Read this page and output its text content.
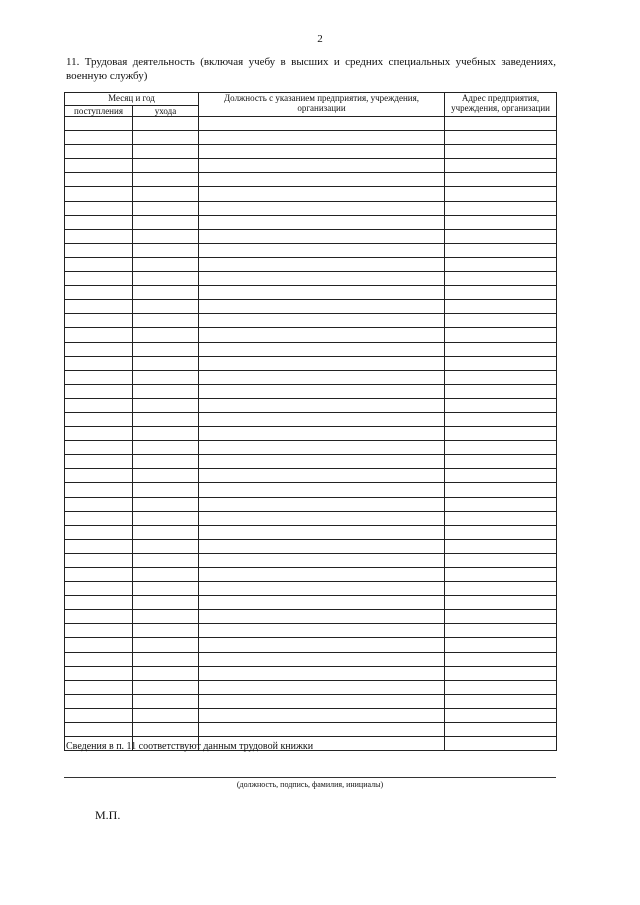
2
11. Трудовая деятельность (включая учебу в высших и средних специальных учебных заведениях, военную службу)
Месяц и год		Должность с указанием предприятия, учреждения, организации	Адрес предприятия, учреждения, организации
поступления	ухода		

Сведения в п. 11 соответствуют данным трудовой книжки
(должность, подпись, фамилия, инициалы)
М.П.
